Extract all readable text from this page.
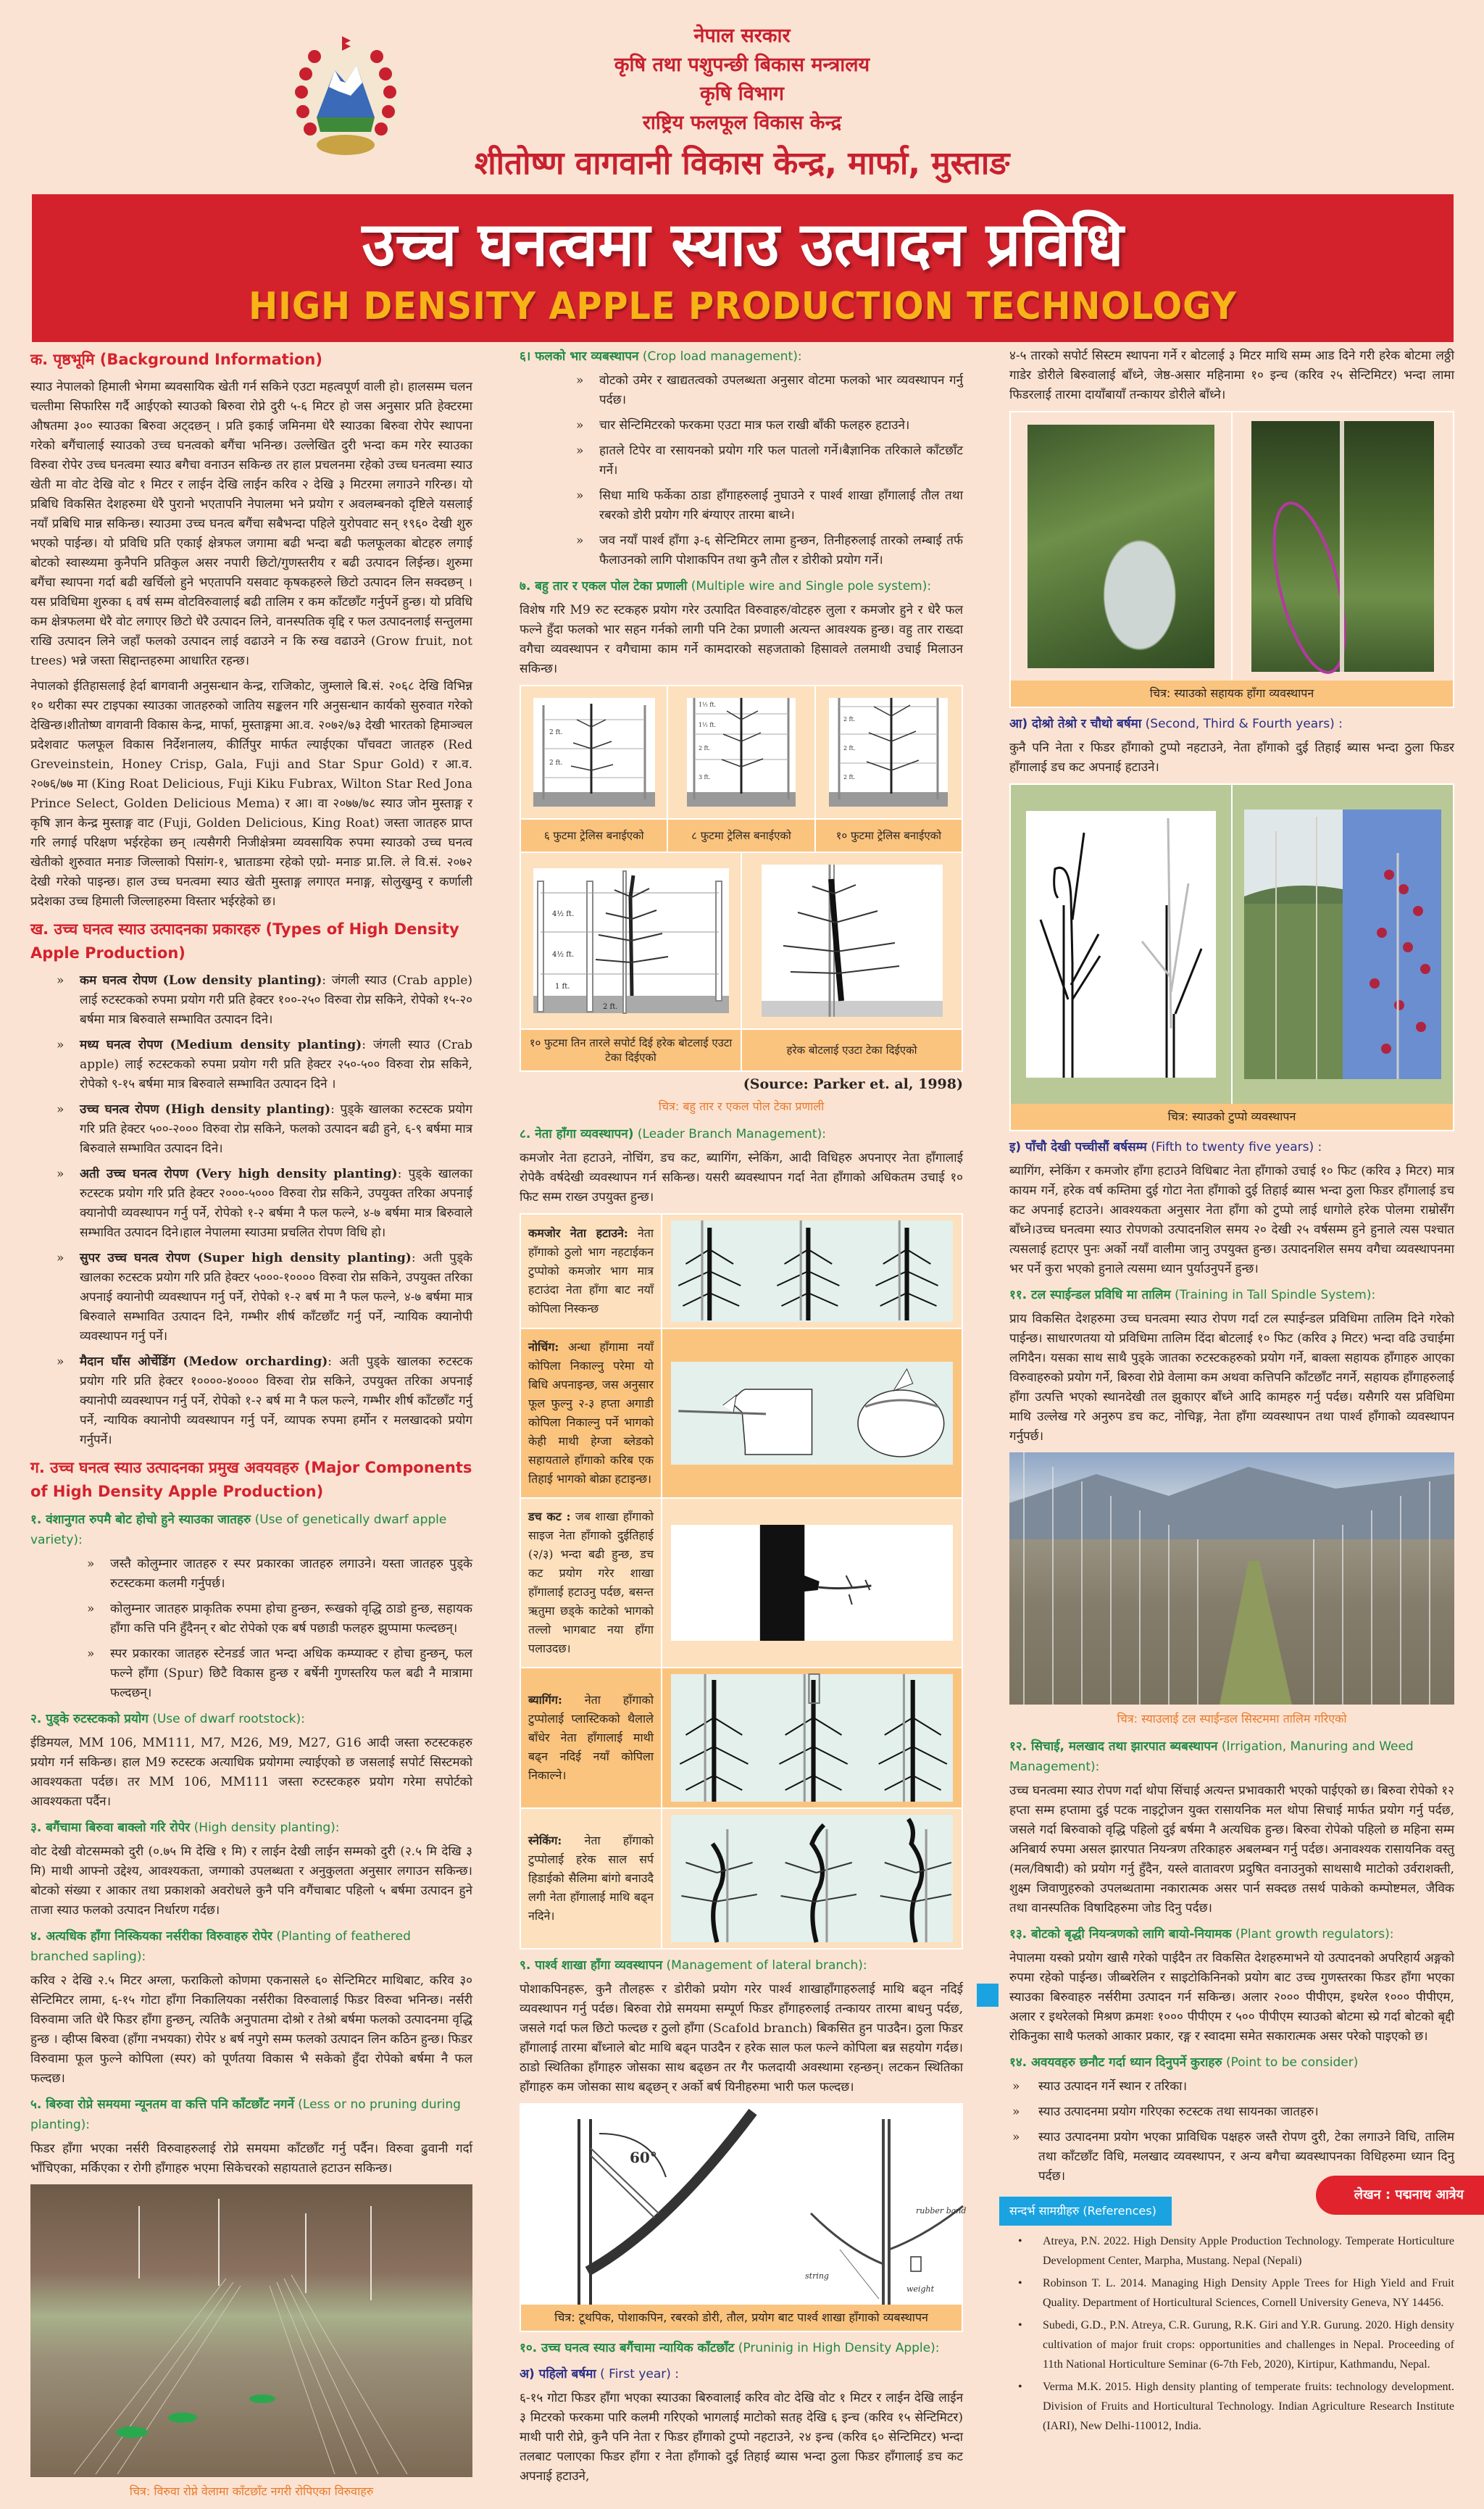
नेपाल सरकार
कृषि तथा पशुपन्छी बिकास मन्त्रालय
कृषि विभाग
राष्ट्रिय फलफूल विकास केन्द्र
शीतोष्ण वागवानी विकास केन्द्र, मार्फा, मुस्ताङ
उच्च घनत्वमा स्याउ उत्पादन प्रविधि
HIGH DENSITY APPLE PRODUCTION TECHNOLOGY
क. पृष्ठभूमि (Background Information)

स्याउ नेपालको हिमाली भेगमा ब्यवसायिक खेती गर्न सकिने एउटा महत्वपूर्ण वाली हो। हालसम्म चलन चल्तीमा सिफारिस गर्दै आईएको स्याउको बिरुवा रोप्ने दुरी ५-६ मिटर हो जस अनुसार प्रति हेक्टरमा औषतमा ३०० स्याउका बिरुवा अट्दछन् । प्रति इकाई जमिनमा धेरै स्याउका बिरुवा रोपेर स्थापना गरेको बगैंचालाई स्याउको उच्च घनत्वको बगैंचा भनिन्छ। उल्लेखित दुरी भन्दा कम गरेर स्याउका विरुवा रोपेर उच्च घनत्वमा स्याउ बगैचा वनाउन सकिन्छ तर हाल प्रचलनमा रहेको उच्च घनत्वमा स्याउ खेती मा वोट देखि वोट १ मिटर र लाईन देखि लाईन करिव २ देखि ३ मिटरमा लगाउने गरिन्छ। यो प्रबिधि विकसित देशहरुमा धेरै पुरानो भएतापनि नेपालमा भने प्रयोग र अवलम्बनको दृष्टिले यसलाई नयाँ प्रबिधि मान्न सकिन्छ। स्याउमा उच्च घनत्व बगैंचा सबैभन्दा पहिले युरोपवाट सन् १९६० देखी शुरु भएको पाईन्छ। यो प्रविधि प्रति एकाई क्षेत्रफल जगामा बढी भन्दा बढी फलफूलका बोटहरु लगाई बोटको स्वास्थ्यमा कुनैपनि प्रतिकुल असर नपारी छिटो/गुणस्तरीय र बढी उत्पादन लिईन्छ। शुरुमा बगैंचा स्थापना गर्दा बढी खर्चिलो हुने भएतापनि यसवाट कृषकहरुले छिटो उत्पादन लिन सक्दछन् । यस प्रविधिमा शुरुका ६ वर्ष सम्म वोटविरुवालाई बढी तालिम र कम काँटछाँट गर्नुपर्ने हुन्छ। यो प्रविधि कम क्षेत्रफलमा धेरै वोट लगाएर छिटो धेरै उत्पादन लिने, वानस्पतिक वृद्दि र फल उत्पादनलाई सन्तुलमा राखि उत्पादन लिने जहाँ फलको उत्पादन लाई वढाउने न कि रुख वढाउने (Grow fruit, not trees) भन्ने जस्ता सिद्दान्तहरुमा आधारित रहन्छ।

नेपालको ईतिहासलाई हेर्दा बागवानी अनुसन्धान केन्द्र, राजिकोट, जुम्लाले बि.सं. २०६८ देखि विभिन्न १० थरीका स्पर टाइपका स्याउका जातहरुको जातिय सङ्कलन गरि अनुसन्धान कार्यको सुरुवात गरेको देखिन्छ।शीतोष्ण वागवानी विकास केन्द्र, मार्फा, मुस्ताङ्गमा आ.व. २०७२/७३ देखी भारतको हिमाञ्चल प्रदेशवाट फलफूल विकास निर्देशनालय, कीर्तिपुर मार्फत ल्याईएका पाँचवटा जातहरु (Red Greveinstein, Honey Crisp, Gala, Fuji and Star Spur Gold) र आ.व. २०७६/७७ मा (King Roat Delicious, Fuji Kiku Fubrax, Wilton Star Red Jona Prince Select, Golden Delicious Mema) र आ। वा २०७७/७८ स्याउ जोन मुस्ताङ्ग र कृषि ज्ञान केन्द्र मुस्ताङ्ग वाट (Fuji, Golden Delicious, King Roat) जस्ता जातहरु प्राप्त गरि लगाई परिक्षण भईरहेका छन् ।त्यसैगरी निजीक्षेत्रमा व्यवसायिक रुपमा स्याउको उच्च घनत्व खेतीको शुरुवात मनाङ जिल्लाको पिसांग-१, भ्राताङमा रहेको एग्रो- मनाङ प्रा.लि. ले वि.सं. २०७२ देखी गरेको पाइन्छ। हाल उच्च घनत्वमा स्याउ खेती मुस्ताङ्ग लगाएत मनाङ्ग, सोलुखुम्वु र कर्णाली प्रदेशका उच्च हिमाली जिल्लाहरुमा विस्तार भईरहेको छ।

ख. उच्च घनत्व स्याउ उत्पादनका प्रकारहरु (Types of High Density Apple Production)
» कम घनत्व रोपण (Low density planting): जंगली स्याउ (Crab apple) लाई रुटस्टकको रुपमा प्रयोग गरी प्रति हेक्टर १००-२५० विरुवा रोप्न सकिने, रोपेको १५-२० बर्षमा मात्र बिरुवाले सम्भावित उत्पादन दिने।
» मध्य घनत्व रोपण (Medium density planting): जंगली स्याउ (Crab apple) लाई रुटस्टकको रुपमा प्रयोग गरी प्रति हेक्टर २५०-५०० विरुवा रोप्न सकिने, रोपेको ९-१५ बर्षमा मात्र बिरुवाले सम्भावित उत्पादन दिने ।
» उच्च घनत्व रोपण (High density planting): पुड्के खालका रुटस्टक प्रयोग गरि प्रति हेक्टर ५००-२००० विरुवा रोप्न सकिने, फलको उत्पादन बढी हुने, ६-९ बर्षमा मात्र बिरुवाले सम्भावित उत्पादन दिने।
» अती उच्च घनत्व रोपण (Very high density planting): पुड्के खालका रुटस्टक प्रयोग गरि प्रति हेक्टर २०००-५००० विरुवा रोप्न सकिने, उपयुक्त तरिका अपनाई क्यानोपी व्यवस्थापन गर्नु पर्ने, रोपेको १-२ बर्षमा नै फल फल्ने, ४-७ बर्षमा मात्र बिरुवाले सम्भावित उत्पादन दिने।हाल नेपालमा स्याउमा प्रचलित रोपण विधि हो।
» सुपर उच्च घनत्व रोपण (Super high density planting): अती पुड्के खालका रुटस्टक प्रयोग गरि प्रति हेक्टर ५०००-१०००० विरुवा रोप्न सकिने, उपयुक्त तरिका अपनाई क्यानोपी व्यवस्थापन गर्नु पर्ने, रोपेको १-२ बर्ष मा नै फल फल्ने, ४-७ बर्षमा मात्र बिरुवाले सम्भावित उत्पादन दिने, गम्भीर शीर्ष काँटछाँट गर्नु पर्ने, न्यायिक क्यानोपी व्यवस्थापन गर्नु पर्ने।
» मैदान घाँस ओर्चेडिंग (Medow orcharding): अती पुड्के खालका रुटस्टक प्रयोग गरि प्रति हेक्टर १००००-४०००० विरुवा रोप्न सकिने, उपयुक्त तरिका अपनाई क्यानोपी व्यवस्थापन गर्नु पर्ने, रोपेको १-२ बर्ष मा नै फल फल्ने, गम्भीर शीर्ष काँटछाँट गर्नु पर्ने, न्यायिक क्यानोपी व्यवस्थापन गर्नु पर्ने, व्यापक रुपमा हर्मोन र मलखादको प्रयोग गर्नुपर्ने।
ग. उच्च घनत्व स्याउ उत्पादनका प्रमुख अवयवहरु (Major Components of High Density Apple Production)
१. वंशानुगत रुपमै बोट होचो हुने स्याउका जातहरु (Use of genetically dwarf apple variety):
» जस्तै कोलुम्नार जातहरु र स्पर प्रकारका जातहरु लगाउने। यस्ता जातहरु पुड्के रुटस्टकमा कलमी गर्नुपर्छ।
» कोलुम्नार जातहरु प्राकृतिक रुपमा होचा हुन्छन, रूखको वृद्धि ठाडो हुन्छ, सहायक हाँगा कत्ति पनि हुँदैनन् र बोट रोपेको एक बर्ष पछाडी फलहरु झुप्पामा फल्दछन्।
» स्पर प्रकारका जातहरु स्टेनडर्ड जात भन्दा अधिक कम्प्याक्ट र होचा हुन्छन्, फल फल्ने हाँगा (Spur) छिटै विकास हुन्छ र बर्षेनी गुणस्तरिय फल बढी नै मात्रामा फल्दछन्।
२. पुड्के रुटस्टकको प्रयोग (Use of dwarf rootstock):

ईडिमयल, MM 106, MM111, M7, M26, M9, M27, G16 आदी जस्ता रुटस्टकहरु प्रयोग गर्न सकिन्छ। हाल M9 रुटस्टक अत्याधिक प्रयोगमा ल्याईएको छ जसलाई सपोर्ट सिस्टमको आवश्यकता पर्दछ। तर MM 106, MM111 जस्ता रुटस्टकहरु प्रयोग गरेमा सपोर्टको आवश्यकता पर्दैन।

३. बगैंचामा बिरुवा बाक्लो गरि रोपेर (High density planting):

वोट देखी वोटसम्मको दुरी (०.७५ मि देखि १ मि) र लाईन देखी लाईन सम्मको दुरी (२.५ मि देखि ३ मि) माथी आफ्नो उद्देश्य, आवश्यकता, जग्गाको उपलब्धता र अनुकुलता अनुसार लगाउन सकिन्छ। बोटको संख्या र आकार तथा प्रकाशको अवरोधले कुनै पनि वगैंचाबाट पहिलो ५ बर्षमा उत्पादन हुने ताजा स्याउ फलको उत्पादन निर्धारण गर्दछ।

४. अत्यधिक हाँगा निस्कियका नर्सरीका विरुवाहरु रोपेर (Planting of feathered branched sapling):

करिव २ देखि २.५ मिटर अग्ला, फराकिलो कोणमा एकनासले ६० सेन्टिमिटर माथिबाट, करिव ३० सेन्टिमिटर लामा, ६-१५ गोटा हाँगा निकालियका नर्सरीका विरुवालाई फिडर विरुवा भनिन्छ। नर्सरी विरुवामा जति धेरै फिडर हाँगा हुन्छन्, त्यतिकै अनुपातमा दोश्रो र तेश्रो बर्षमा फलको उत्पादनमा वृद्धि हुन्छ । व्हीप्स बिरुवा (हाँगा नभयका) रोपेर ४ बर्ष नपुगे सम्म फलको उत्पादन लिन कठिन हुन्छ। फिडर विरुवामा फूल फुल्ने कोपिला (स्पर) को पूर्णतया विकास भै सकेको हुँदा रोपेको बर्षमा नै फल फल्दछ।

५. बिरुवा रोप्ने समयमा न्यूनतम वा कत्ति पनि काँटछाँट नगर्ने (Less or no pruning during planting):

फिडर हाँगा भएका नर्सरी विरुवाहरुलाई रोप्ने समयमा काँटछाँट गर्नु पर्दैन। विरुवा ढुवानी गर्दा भाँचिएका, मर्किएका र रोगी हाँगाहरु भएमा सिकेचरको सहायताले हटाउन सकिन्छ।

चित्र: विरुवा रोप्ने वेलामा काँटछाँट नगरी रोपिएका विरुवाहरु
६। फलको भार व्यबस्थापन (Crop load management):
» वोटको उमेर र खाद्यतत्वको उपलब्धता अनुसार वोटमा फलको भार व्यवस्थापन गर्नु पर्दछ।
» चार सेन्टिमिटरको फरकमा एउटा मात्र फल राखी बाँकी फलहरु हटाउने।
» हातले टिपेर वा रसायनको प्रयोग गरि फल पातलो गर्ने।बैज्ञानिक तरिकाले काँटछाँट गर्ने।
» सिधा माथि फर्केका ठाडा हाँगाहरुलाई नुघाउने र पार्श्व शाखा हाँगालाई तौल तथा रबरको डोरी प्रयोग गरि बंग्याएर तारमा बाध्ने।
» जव नयाँ पार्श्व हाँगा ३-६ सेन्टिमिटर लामा हुन्छन, तिनीहरुलाई तारको लम्बाई तर्फ फैलाउनको लागि पोशाकपिन तथा कुनै तौल र डोरीको प्रयोग गर्ने।
७. बहु तार र एकल पोल टेका प्रणाली (Multiple wire and Single pole system):

विशेष गरि M9 रुट स्टकहरु प्रयोग गरेर उत्पादित विरुवाहरु/वोटहरु लुला र कमजोर हुने र धेरै फल फल्ने हुँदा फलको भार सहन गर्नको लागी पनि टेका प्रणाली अत्यन्त आवश्यक हुन्छ। वहु तार राख्दा वगैचा व्यवस्थापन र वगैचामा काम गर्ने कामदारको सहजताको हिसावले तलमाथी उचाई मिलाउन सकिन्छ।

2 ft.
2 ft.
1½ ft.
1½ ft.
2 ft.
3 ft.
2 ft.
2 ft.
2 ft.
६ फुटमा ट्रेलिस बनाईएको	८ फुटमा ट्रेलिस बनाईएको	१० फुटमा ट्रेलिस बनाईएको
4½ ft.
4½ ft.
1 ft.
2 ft.
१० फुटमा तिन तारले सपोर्ट दिई हरेक बोटलाई एउटा टेका दिईएको
हरेक बोटलाई एउटा टेका दिईएको
(Source: Parker et. al, 1998)
चित्र: बहु तार र एकल पोल टेका प्रणाली
८. नेता हाँगा व्यवस्थापन) (Leader Branch Management):

कमजोर नेता हटाउने, नोचिंग, डच कट, ब्यागिंग, स्नेकिंग, आदी विधिहरु अपनाएर नेता हाँगालाई रोपेकै वर्षदेखी व्यवस्थापन गर्न सकिन्छ। यसरी ब्यवस्थापन गर्दा नेता हाँगाको अधिकतम उचाई १० फिट सम्म राख्न उपयुक्त हुन्छ।

कमजोर नेता हटाउने: नेता हाँगाको ठुलो भाग नहटाईकन टुप्पोको कमजोर भाग मात्र हटाउंदा नेता हाँगा बाट नयाँ कोपिला निस्कन्छ
नोचिंग: अन्धा हाँगामा नयाँ कोपिला निकाल्नु परेमा यो बिधि अपनाइन्छ, जस अनुसार फूल फुल्नु २-३ हप्ता अगाडी कोपिला निकाल्नु पर्ने भागको केही माथी हेग्जा ब्लेडको सहायताले हाँगाको करिब एक तिहाई भागको बोक्रा हटाइन्छ।
डच कट : जब शाखा हाँगाको साइज नेता हाँगाको दुईतिहाई (२/३) भन्दा बढी हुन्छ, डच कट प्रयोग गरेर शाखा हाँगालाई हटाउनु पर्दछ, बसन्त ऋतुमा छड्के काटेको भागको तल्लो भागबाट नया हाँगा पलाउदछ।
ब्यागिंग: नेता हाँगाको टुप्पोलाई प्लास्टिकको थैलाले बाँधेर नेता हाँगालाई माथी बढ्न नदिई नयाँ कोपिला निकाल्ने।
स्नेकिंग: नेता हाँगाको टुप्पोलाई हरेक साल सर्प हिडाईको सैलिमा बांगो बनाउदै लगी नेता हाँगालाई माथि बढ्न नदिने।
९. पार्श्व शाखा हाँगा व्यवस्थापन (Management of lateral branch):

पोशाकपिनहरू, कुनै तौलहरू र डोरीको प्रयोग गरेर पार्श्व शाखाहाँगाहरुलाई माथि बढ्न नदिई व्यवस्थापन गर्नु पर्दछ। बिरुवा रोप्ने समयमा सम्पूर्ण फिडर हाँगाहरुलाई तन्कायर तारमा बाधनु पर्दछ, जसले गर्दा फल छिटो फल्दछ र ठुलो हाँगा (Scafold branch) बिकसित हुन पाउदैन। ठुला फिडर हाँगालाई तारमा बाँध्नाले बोट माथि बढ्न पाउदैन र हरेक साल फल फल्ने कोपिला बन्न सहयोग गर्दछ। ठाडो स्थितिका हाँगाहरु जोसका साथ बढ्छन तर गैर फलदायी अवस्थामा रहन्छन्। लटकन स्थितिका हाँगाहरु कम जोसका साथ बढ्छन् र अर्को बर्ष यिनीहरुमा भारी फल फल्दछ।

60°
rubber band
string
weight
चित्र: टूथपिक, पोशाकपिन, रबरको डोरी, तौल, प्रयोग बाट पार्श्व शाखा हाँगाको व्यबस्थापन
१०. उच्च घनत्व स्याउ बगैंचामा न्यायिक काँटछाँट (Pruninig in High Density Apple):
अ) पहिलो बर्षमा ( First year) :

६-१५ गोटा फिडर हाँगा भएका स्याउका बिरुवालाई करिव वोट देखि वोट १ मिटर र लाईन देखि लाईन ३ मिटरको फरकमा पारि कलमी गरिएको भागलाई माटोको सतह देखि ६ इन्च (करिव १५ सेन्टिमिटर) माथी पारी रोप्ने, कुनै पनि नेता र फिडर हाँगाको टुप्पो नहटाउने, २४ इन्च (करिव ६० सेन्टिमिटर) भन्दा तलबाट पलाएका फिडर हाँगा र नेता हाँगाको दुई तिहाई ब्यास भन्दा ठुला फिडर हाँगालाई डच कट अपनाई हटाउने,

४-५ तारको सपोर्ट सिस्टम स्थापना गर्ने र बोटलाई ३ मिटर माथि सम्म आड दिने गरी हरेक बोटमा लठ्ठी गाडेर डोरीले बिरुवालाई बाँध्ने, जेष्ठ-असार महिनामा १० इन्च (करिव २५ सेन्टिमिटर) भन्दा लामा फिडरलाई तारमा दायाँबायाँ तन्कायर डोरीले बाँध्ने।

चित्र: स्याउको सहायक हाँगा व्यवस्थापन
आ) दोश्रो तेश्रो र चौथो बर्षमा (Second, Third & Fourth years) :

कुनै पनि नेता र फिडर हाँगाको टुप्पो नहटाउने, नेता हाँगाको दुई तिहाई ब्यास भन्दा ठुला फिडर हाँगालाई डच कट अपनाई हटाउने।

चित्र: स्याउको टुप्पो व्यवस्थापन
इ) पाँचौ देखी पच्चीसौं बर्षसम्म (Fifth to twenty five years) :

ब्यागिंग, स्नेकिंग र कमजोर हाँगा हटाउने विधिबाट नेता हाँगाको उचाई १० फिट (करिव ३ मिटर) मात्र कायम गर्ने, हरेक वर्ष कम्तिमा दुई गोटा नेता हाँगाको दुई तिहाई ब्यास भन्दा ठुला फिडर हाँगालाई डच कट अपनाई हटाउने। आवश्यकता अनुसार नेता हाँगा को टुप्पो लाई धागोले हरेक पोलमा राम्रोसँग बाँध्ने।उच्च घनत्वमा स्याउ रोपणको उत्पादनशिल समय २० देखी २५ वर्षसम्म हुने हुनाले त्यस पश्चात त्यसलाई हटाएर पुनः अर्को नयाँ वालीमा जानु उपयुक्त हुन्छ। उत्पादनशिल समय वगैचा व्यवस्थापनमा भर पर्ने कुरा भएको हुनाले त्यसमा ध्यान पुर्याउनुपर्ने हुन्छ।

११. टल स्पाईन्डल प्रविधि मा तालिम (Training in Tall Spindle System):

प्राय विकसित देशहरुमा उच्च घनत्वमा स्याउ रोपण गर्दा टल स्पाईन्डल प्रविधिमा तालिम दिने गरेको पाईन्छ। साधारणतया यो प्रविधिमा तालिम दिंदा बोटलाई १० फिट (करिव ३ मिटर) भन्दा वढि उचाईमा लगिदैन। यसका साथ साथै पुड्के जातका रुटस्टकहरुको प्रयोग गर्ने, बाक्ला सहायक हाँगाहरु आएका विरुवाहरुको प्रयोग गर्ने, बिरुवा रोप्ने वेलामा कम अथवा कत्तिपनि काँटछाँट नगर्ने, सहायक हाँगाहरुलाई हाँगा उत्पत्ति भएको स्थानदेखी तल झुकाएर बाँध्ने आदि कामहरु गर्नु पर्दछ। यसैगरि यस प्रविधिमा माथि उल्लेख गरे अनुरुप डच कट, नोचिङ्ग, नेता हाँगा व्यवस्थापन तथा पार्श्व हाँगाको व्यवस्थापन गर्नुपर्छ।

चित्र: स्याउलाई टल स्पाईन्डल सिस्टममा तालिम गरिएको
१२. सिचाई, मलखाद तथा झारपात ब्यबस्थापन (Irrigation, Manuring and Weed Management):

उच्च घनत्वमा स्याउ रोपण गर्दा थोपा सिंचाई अत्यन्त प्रभावकारी भएको पाईएको छ। बिरुवा रोपेको १२ हप्ता सम्म हप्तामा दुई पटक नाइट्रोजन युक्त रासायनिक मल थोपा सिचाई मार्फत प्रयोग गर्नु पर्दछ, जसले गर्दा बिरुवाको वृद्धि पहिलो दुई बर्षमा नै अत्यधिक हुन्छ। बिरुवा रोपेको पहिलो छ महिना सम्म अनिबार्य रुपमा असल झारपात नियन्त्रण तरिकाहरु अबलम्बन गर्नु पर्दछ। अनावश्यक रासायनिक वस्तु (मल/विषादी) को प्रयोग गर्नु हुँदैन, यस्ले वातावरण प्रदुषित वनाउनुको साथसाथै माटोको उर्वराशक्ती, शुक्ष्म जिवाणुहरुको उपलब्धतामा नकारात्मक असर पार्न सक्दछ तसर्थ पाकेको कम्पोष्टमल, जैविक तथा वानस्पतिक विषादिहरुमा जोड दिनु पर्दछ।

१३. बोटको बृद्धी नियन्त्रणको लागि बायो-नियामक (Plant growth regulators):

नेपालमा यस्को प्रयोग खासै गरेको पाईदैन तर विकसित देशहरुमाभने यो उत्पादनको अपरिहार्य अङ्गको रुपमा रहेको पाईन्छ। जीब्बरेलिन र साइटोकिनिनको प्रयोग बाट उच्च गुणस्तरका फिडर हाँगा भएका स्याउका बिरुवाहरु नर्सरीमा उत्पादन गर्न सकिन्छ। अलार २००० पीपीएम, इथरेल १००० पीपीएम, अलार र इथरेलको मिश्रण क्रमशः १००० पीपीएम र ५०० पीपीएम स्याउको बोटमा स्प्रे गर्दा बोटको बृद्दी रोकिनुका साथै फलको आकार प्रकार, रङ्ग र स्वादमा समेत सकारात्मक असर परेको पाइएको छ।

१४. अवयवहरु छनौट गर्दा ध्यान दिनुपर्ने कुराहरु (Point to be consider)
» स्याउ उत्पादन गर्ने स्थान र तरिका।
» स्याउ उत्पादनमा प्रयोग गरिएका रुटस्टक तथा सायनका जातहरु।
» स्याउ उत्पादनमा प्रयोग भएका प्राविधिक पक्षहरु जस्तै रोपण दुरी, टेका लगाउने विधि, तालिम तथा काँटछाँट विधि, मलखाद व्यवस्थापन, र अन्य बगैचा ब्यवस्थापनका विधिहरुमा ध्यान दिनु पर्दछ।
सन्दर्भ सामग्रीहरु (References)
• Atreya, P.N. 2022. High Density Apple Production Technology. Temperate Horticulture Development Center, Marpha, Mustang. Nepal (Nepali)
• Robinson T. L. 2014. Managing High Density Apple Trees for High Yield and Fruit Quality. Department of Horticultural Sciences, Cornell University Geneva, NY 14456.
• Subedi, G.D., P.N. Atreya, C.R. Gurung, R.K. Giri and Y.R. Gurung. 2020. High density cultivation of major fruit crops: opportunities and challenges in Nepal. Proceeding of 11th National Horticulture Seminar (6-7th Feb, 2020), Kirtipur, Kathmandu, Nepal.
• Verma M.K. 2015. High density planting of temperate fruits: technology development. Division of Fruits and Horticultural Technology. Indian Agriculture Research Institute (IARI), New Delhi-110012, India.
लेखन : पद्मनाथ आत्रेय
